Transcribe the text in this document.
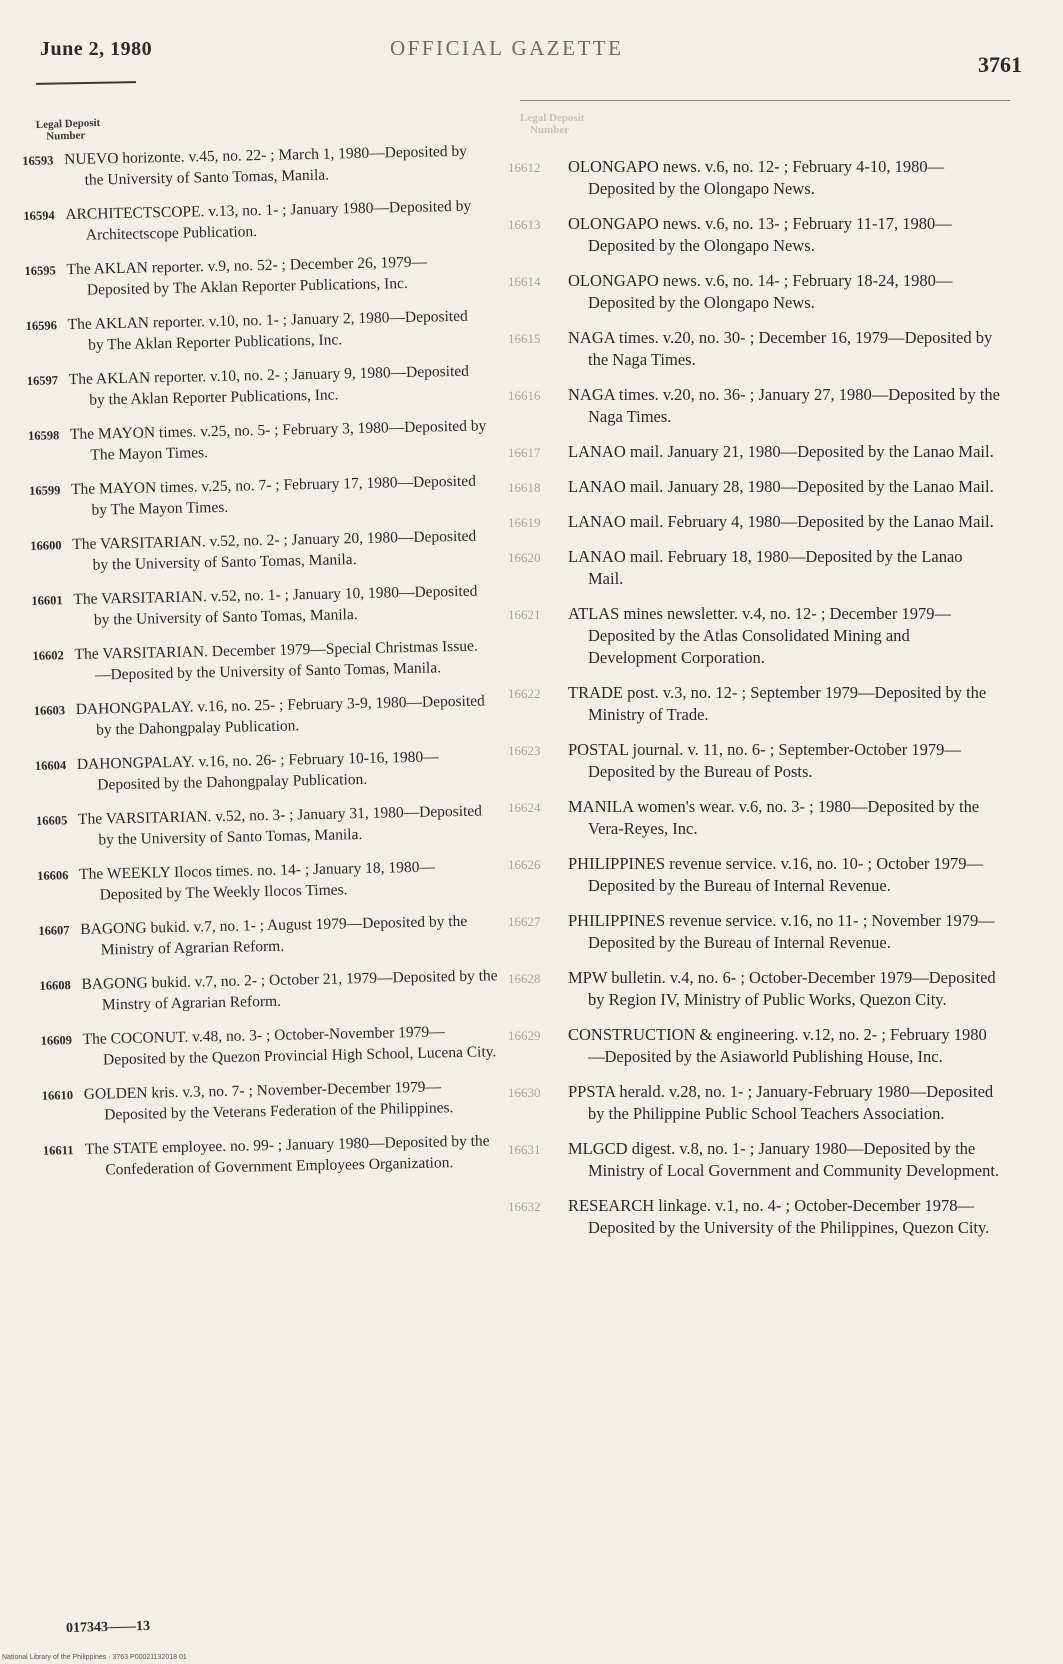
June 2, 1980	OFFICIAL GAZETTE
3761
Legal Deposit
Number
Legal Deposit
Number
16593 NUEVO horizonte. v.45, no. 22- ; March 1, 1980—Deposited by the University of Santo Tomas, Manila.
16594 ARCHITECTSCOPE. v.13, no. 1- ; January 1980—Deposited by Architectscope Publication.
16595 The AKLAN reporter. v.9, no. 52- ; December 26, 1979—Deposited by The Aklan Reporter Publications, Inc.
16596 The AKLAN reporter. v.10, no. 1- ; January 2, 1980—Deposited by The Aklan Reporter Publications, Inc.
16597 The AKLAN reporter. v.10, no. 2- ; January 9, 1980—Deposited by the Aklan Reporter Publications, Inc.
16598 The MAYON times. v.25, no. 5- ; February 3, 1980—Deposited by The Mayon Times.
16599 The MAYON times. v.25, no. 7- ; February 17, 1980—Deposited by The Mayon Times.
16600 The VARSITARIAN. v.52, no. 2- ; January 20, 1980—Deposited by the University of Santo Tomas, Manila.
16601 The VARSITARIAN. v.52, no. 1- ; January 10, 1980—Deposited by the University of Santo Tomas, Manila.
16602 The VARSITARIAN. December 1979—Special Christmas Issue.—Deposited by the University of Santo Tomas, Manila.
16603 DAHONGPALAY. v.16, no. 25- ; February 3-9, 1980—Deposited by the Dahongpalay Publication.
16604 DAHONGPALAY. v.16, no. 26- ; February 10-16, 1980—Deposited by the Dahongpalay Publication.
16605 The VARSITARIAN. v.52, no. 3- ; January 31, 1980—Deposited by the University of Santo Tomas, Manila.
16606 The WEEKLY Ilocos times. no. 14- ; January 18, 1980—Deposited by The Weekly Ilocos Times.
16607 BAGONG bukid. v.7, no. 1- ; August 1979—Deposited by the Ministry of Agrarian Reform.
16608 BAGONG bukid. v.7, no. 2- ; October 21, 1979—Deposited by the Minstry of Agrarian Reform.
16609 The COCONUT. v.48, no. 3- ; October-November 1979—Deposited by the Quezon Provincial High School, Lucena City.
16610 GOLDEN kris. v.3, no. 7- ; November-December 1979—Deposited by the Veterans Federation of the Philippines.
16611 The STATE employee. no. 99- ; January 1980—Deposited by the Confederation of Government Employees Organization.
16612	OLONGAPO news. v.6, no. 12- ; February 4-10, 1980—Deposited by the Olongapo News.
16613	OLONGAPO news. v.6, no. 13- ; February 11-17, 1980—Deposited by the Olongapo News.
16614	OLONGAPO news. v.6, no. 14- ; February 18-24, 1980—Deposited by the Olongapo News.
16615	NAGA times. v.20, no. 30- ; December 16, 1979—Deposited by the Naga Times.
16616	NAGA times. v.20, no. 36- ; January 27, 1980—Deposited by the Naga Times.
16617	LANAO mail. January 21, 1980—Deposited by the Lanao Mail.
16618	LANAO mail. January 28, 1980—Deposited by the Lanao Mail.
16619	LANAO mail. February 4, 1980—Deposited by the Lanao Mail.
16620	LANAO mail. February 18, 1980—Deposited by the Lanao Mail.
16621	ATLAS mines newsletter. v.4, no. 12- ; December 1979—Deposited by the Atlas Consolidated Mining and Development Corporation.
16622	TRADE post. v.3, no. 12- ; September 1979—Deposited by the Ministry of Trade.
16623	POSTAL journal. v. 11, no. 6- ; September-October 1979—Deposited by the Bureau of Posts.
16624	MANILA women's wear. v.6, no. 3- ; 1980—Deposited by the Vera-Reyes, Inc.
16626	PHILIPPINES revenue service. v.16, no. 10- ; October 1979—Deposited by the Bureau of Internal Revenue.
16627	PHILIPPINES revenue service. v.16, no 11- ; November 1979—Deposited by the Bureau of Internal Revenue.
16628	MPW bulletin. v.4, no. 6- ; October-December 1979—Deposited by Region IV, Ministry of Public Works, Quezon City.
16629	CONSTRUCTION & engineering. v.12, no. 2- ; February 1980—Deposited by the Asiaworld Publishing House, Inc.
16630	PPSTA herald. v.28, no. 1- ; January-February 1980—Deposited by the Philippine Public School Teachers Association.
16631	MLGCD digest. v.8, no. 1- ; January 1980—Deposited by the Ministry of Local Government and Community Development.
16632	RESEARCH linkage. v.1, no. 4- ; October-December 1978—Deposited by the University of the Philippines, Quezon City.
017343——13
National Library of the Philippines · 3763 P00021132018 01
